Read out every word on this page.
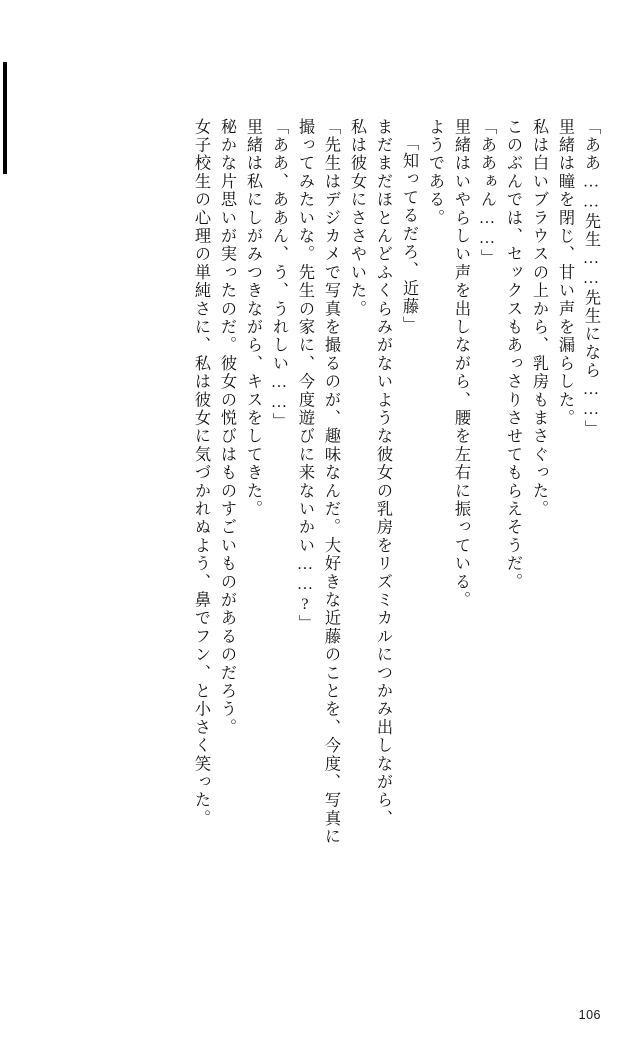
「ああ……先生……先生になら……」
里緒は瞳を閉じ、甘い声を漏らした。
私は白いブラウスの上から、乳房もまさぐった。
このぶんでは、セックスもあっさりさせてもらえそうだ。
「ああぁん……」
里緒はいやらしい声を出しながら、腰を左右に振っている。
ようである。
「知ってるだろ、近藤」
まだまだほとんどふくらみがないような彼女の乳房をリズミカルにつかみ出しながら、
私は彼女にささやいた。
「先生はデジカメで写真を撮るのが、趣味なんだ。大好きな近藤のことを、今度、写真に
撮ってみたいな。先生の家に、今度遊びに来ないかい……?」
「ああ、ああん、う、うれしい……」
里緒は私にしがみつきながら、キスをしてきた。
秘かな片思いが実ったのだ。彼女の悦びはものすごいものがあるのだろう。
女子校生の心理の単純さに、私は彼女に気づかれぬよう、鼻でフン、と小さく笑った。
106
